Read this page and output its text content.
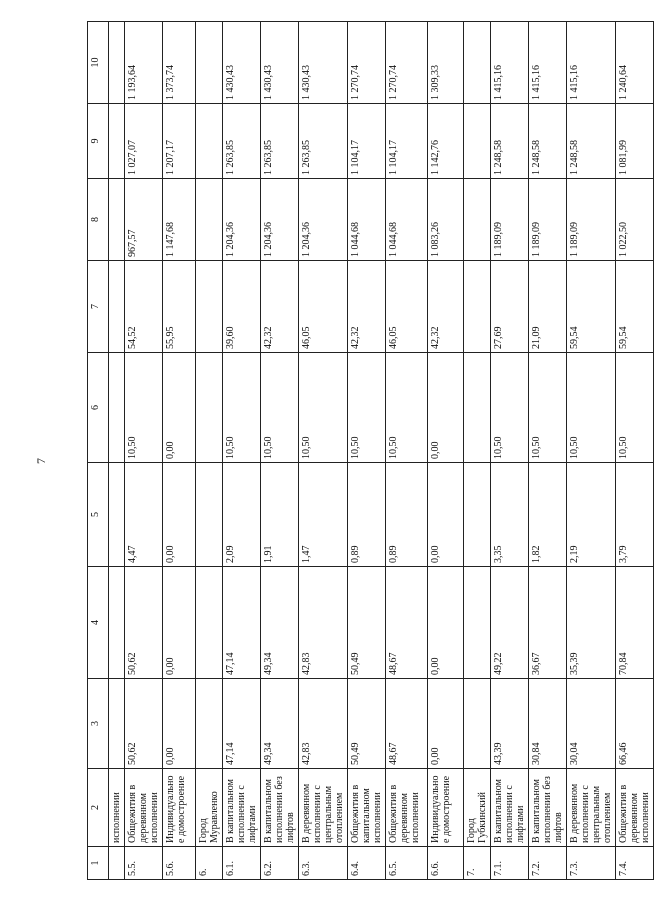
7
1	2	3	4	5	6	7	8	9	10
	исполнении								
5.5.	Общежития в деревянном исполнении	50,62	50,62	4,47	10,50	54,52	967,57	1 027,07	1 193,64
5.6.	Индивидуальное домостроение	0,00	0,00	0,00	0,00	55,95	1 147,68	1 207,17	1 373,74
6.	Город Муравленко								
6.1.	В капитальном исполнении с лифтами	47,14	47,14	2,09	10,50	39,60	1 204,36	1 263,85	1 430,43
6.2.	В капитальном исполнении без лифтов	49,34	49,34	1,91	10,50	42,32	1 204,36	1 263,85	1 430,43
6.3.	В деревянном исполнении с центральным отоплением	42,83	42,83	1,47	10,50	46,05	1 204,36	1 263,85	1 430,43
6.4.	Общежития в капитальном исполнении	50,49	50,49	0,89	10,50	42,32	1 044,68	1 104,17	1 270,74
6.5.	Общежития в деревянном исполнении	48,67	48,67	0,89	10,50	46,05	1 044,68	1 104,17	1 270,74
6.6.	Индивидуальное домостроение	0,00	0,00	0,00	0,00	42,32	1 083,26	1 142,76	1 309,33
7.	Город Губкинский								
7.1.	В капитальном исполнении с лифтами	43,39	49,22	3,35	10,50	27,69	1 189,09	1 248,58	1 415,16
7.2.	В капитальном исполнении без лифтов	30,84	36,67	1,82	10,50	21,09	1 189,09	1 248,58	1 415,16
7.3.	В деревянном исполнении с центральным отоплением	30,04	35,39	2,19	10,50	59,54	1 189,09	1 248,58	1 415,16
7.4.	Общежития в деревянном исполнении	66,46	70,84	3,79	10,50	59,54	1 022,50	1 081,99	1 240,64
